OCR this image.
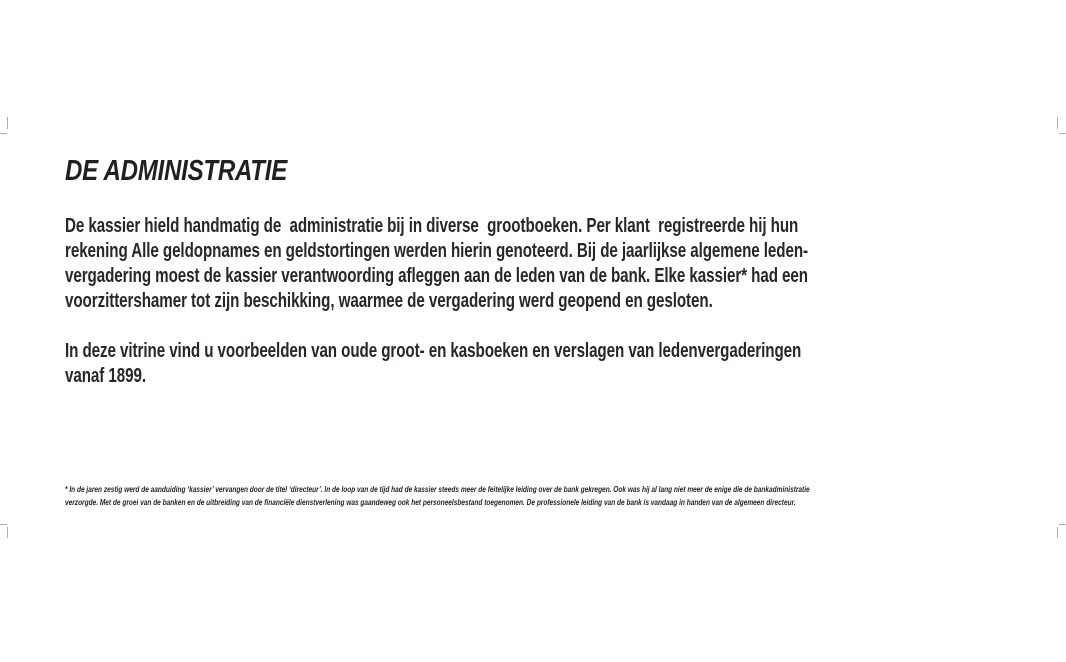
DE ADMINISTRATIE
De kassier hield handmatig de  administratie bij in diverse  grootboeken. Per klant  registreerde hij hun
rekening Alle geldopnames en geldstortingen werden hierin genoteerd. Bij de jaarlijkse algemene leden-
vergadering moest de kassier verantwoording afleggen aan de leden van de bank. Elke kassier* had een
voorzittershamer tot zijn beschikking, waarmee de vergadering werd geopend en gesloten.
In deze vitrine vind u voorbeelden van oude groot- en kasboeken en verslagen van ledenvergaderingen
vanaf 1899.
* In de jaren zestig werd de aanduiding ‘kassier’ vervangen door de titel ‘directeur’. In de loop van de tijd had de kassier steeds meer de feitelijke leiding over de bank gekregen. Ook was hij al lang niet meer de enige die de bankadministratie
verzorgde. Met de groei van de banken en de uitbreiding van de financiële dienstverlening was gaandeweg ook het personeelsbestand toegenomen. De professionele leiding van de bank is vandaag in handen van de algemeen directeur.
